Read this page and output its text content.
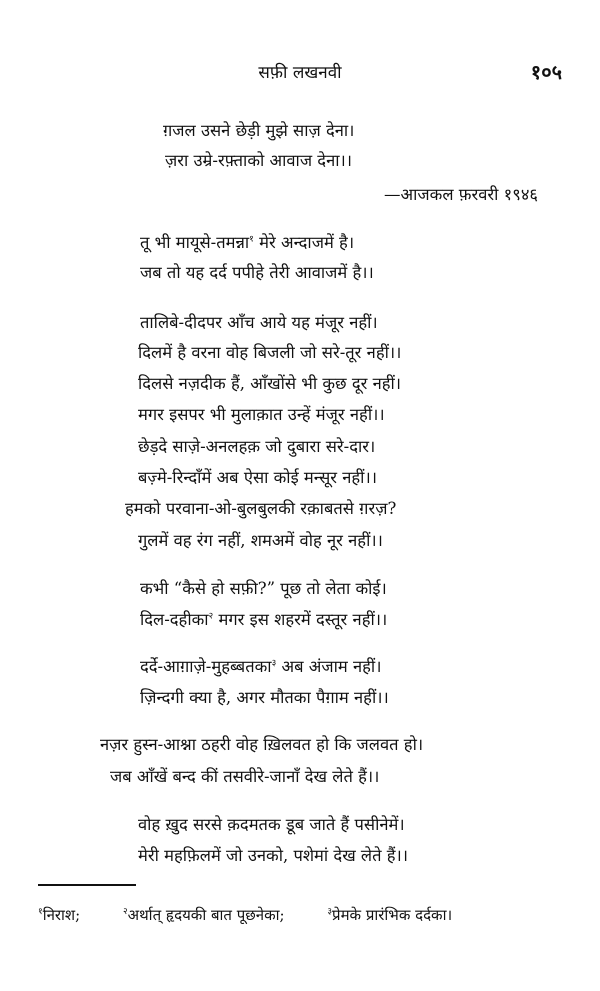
सफ़ी लखनवी	१०५
ग़जल उसने छेड़ी मुझे साज़ देना।
ज़रा उम्रे-रफ़्ताको आवाज देना।।
—आजकल फ़रवरी १९४६
तू भी मायूसे-तमन्ना$^१$ मेरे अन्दाजमें है।
जब तो यह दर्द पपीहे तेरी आवाजमें है।।
तालिबे-दीदपर आँच आये यह मंजूर नहीं।
दिलमें है वरना वोह बिजली जो सरे-तूर नहीं।।
दिलसे नज़दीक हैं, आँखोंसे भी कुछ दूर नहीं।
मगर इसपर भी मुलाक़ात उन्हें मंजूर नहीं।।
छेड़दे साज़े-अनलहक़ जो दुबारा सरे-दार।
बज़्मे-रिन्दाँमें अब ऐसा कोई मन्सूर नहीं।।
हमको परवाना-ओ-बुलबुलकी रक़ाबतसे ग़रज़?
गुलमें वह रंग नहीं, शमअमें वोह नूर नहीं।।
कभी “कैसे हो सफ़ी?” पूछ तो लेता कोई।
दिल-दहीका$^२$ मगर इस शहरमें दस्तूर नहीं।।
दर्दे-आग़ाज़े-मुहब्बतका$^३$ अब अंजाम नहीं।
ज़िन्दगी क्या है, अगर मौतका पैग़ाम नहीं।।
नज़र हुस्न-आश्ना ठहरी वोह ख़िलवत हो कि जलवत हो।
जब आँखें बन्द कीं तसवीरे-जानाँ देख लेते हैं।।
वोह ख़ुद सरसे क़दमतक डूब जाते हैं पसीनेमें।
मेरी महफ़िलमें जो उनको, पशेमां देख लेते हैं।।
$^१$निराश;	$^२$अर्थात् हृदयकी बात पूछनेका;	$^३$प्रेमके प्रारंभिक दर्दका।
